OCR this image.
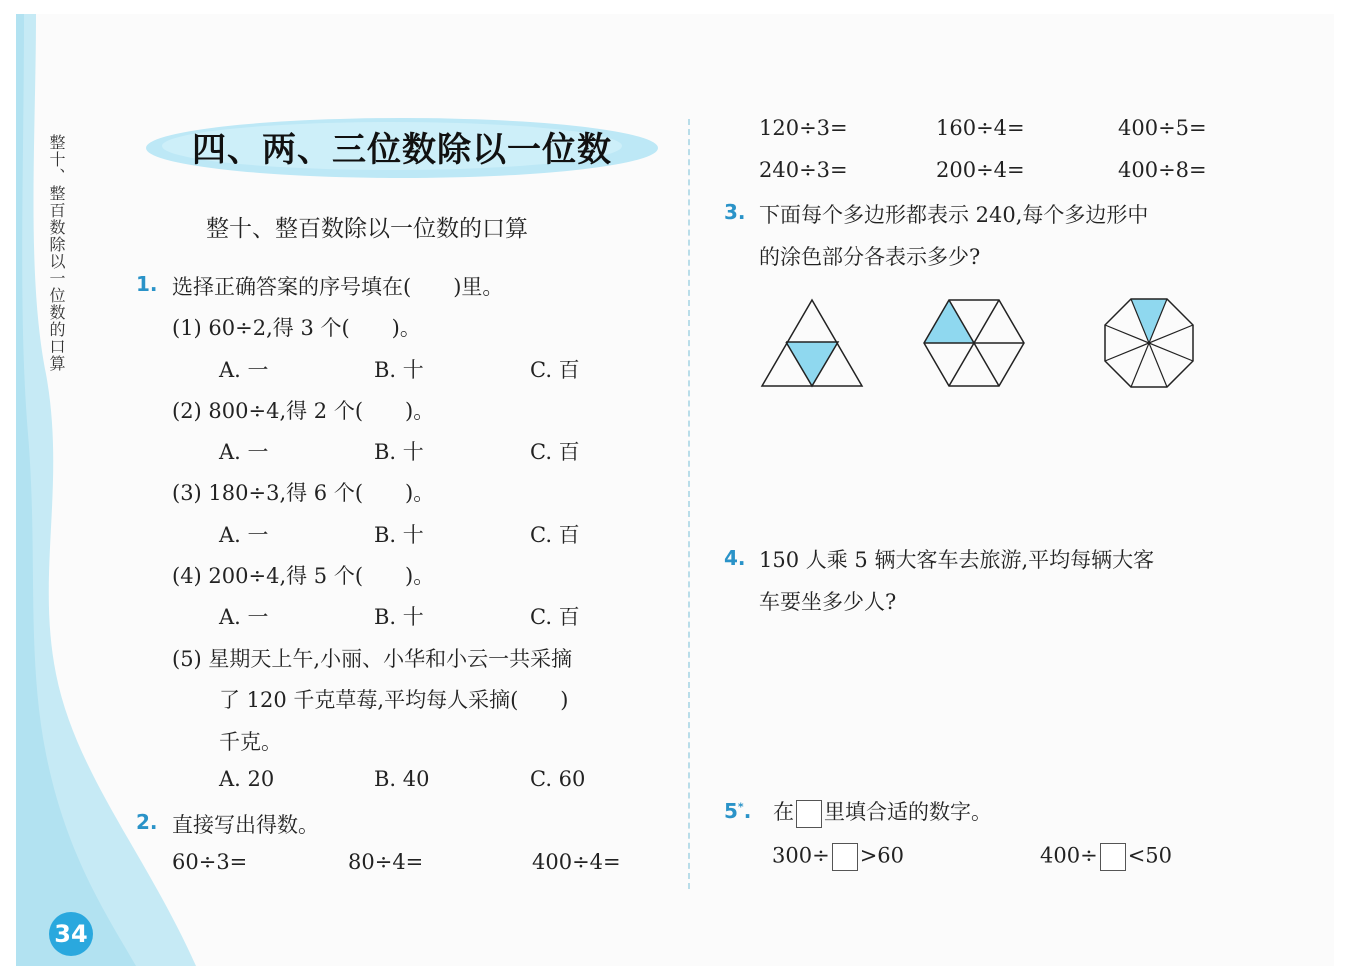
整十、整百数除以一位数的口算
34
四、两、三位数除以一位数
整十、整百数除以一位数的口算
1. 选择正确答案的序号填在(　　)里。
(1) 60÷2,得 3 个(　　)。
A. 一	B. 十	C. 百
(2) 800÷4,得 2 个(　　)。
A. 一	B. 十	C. 百
(3) 180÷3,得 6 个(　　)。
A. 一	B. 十	C. 百
(4) 200÷4,得 5 个(　　)。
A. 一	B. 十	C. 百
(5) 星期天上午,小丽、小华和小云一共采摘
了 120 千克草莓,平均每人采摘(　　)
千克。
A. 20	B. 40	C. 60
2. 直接写出得数。
60÷3=	80÷4=	400÷4=
120÷3=	160÷4=	400÷5=
240÷3=	200÷4=	400÷8=
3. 下面每个多边形都表示 240,每个多边形中
的涂色部分各表示多少?
4. 150 人乘 5 辆大客车去旅游,平均每辆大客
车要坐多少人?
5*. 在 里填合适的数字。
300÷ >60	400÷ <50
